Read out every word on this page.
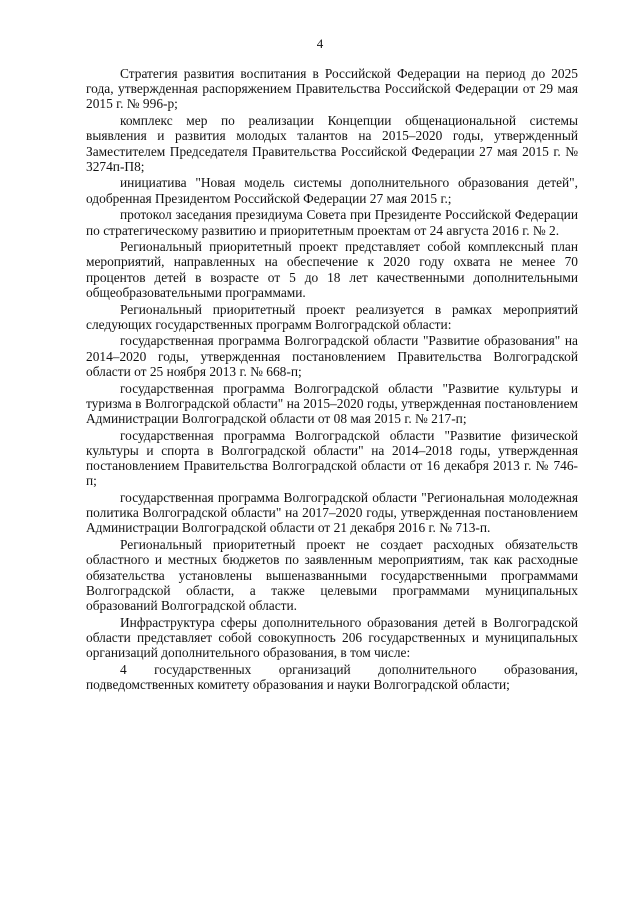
4

Стратегия развития воспитания в Российской Федерации на период до 2025 года, утвержденная распоряжением Правительства Российской Федерации от 29 мая 2015 г. № 996-р;

комплекс мер по реализации Концепции общенациональной системы выявления и развития молодых талантов на 2015–2020 годы, утвержденный Заместителем Председателя Правительства Российской Федерации 27 мая 2015 г. № 3274п-П8;

инициатива "Новая модель системы дополнительного образования детей", одобренная Президентом Российской Федерации 27 мая 2015 г.;

протокол заседания президиума Совета при Президенте Российской Федерации по стратегическому развитию и приоритетным проектам от 24 августа 2016 г. № 2.

Региональный приоритетный проект представляет собой комплексный план мероприятий, направленных на обеспечение к 2020 году охвата не менее 70 процентов детей в возрасте от 5 до 18 лет качественными дополнительными общеобразовательными программами.

Региональный приоритетный проект реализуется в рамках мероприятий следующих государственных программ Волгоградской области:

государственная программа Волгоградской области "Развитие образования" на 2014–2020 годы, утвержденная постановлением Правительства Волгоградской области от 25 ноября 2013 г. № 668-п;

государственная программа Волгоградской области "Развитие культуры и туризма в Волгоградской области" на 2015–2020 годы, утвержденная постановлением Администрации Волгоградской области от 08 мая 2015 г. № 217-п;

государственная программа Волгоградской области "Развитие физической культуры и спорта в Волгоградской области" на 2014–2018 годы, утвержденная постановлением Правительства Волгоградской области от 16 декабря 2013 г. № 746-п;

государственная программа Волгоградской области "Региональная молодежная политика Волгоградской области" на 2017–2020 годы, утвержденная постановлением Администрации Волгоградской области от 21 декабря 2016 г. № 713-п.

Региональный приоритетный проект не создает расходных обязательств областного и местных бюджетов по заявленным мероприятиям, так как расходные обязательства установлены вышеназванными государственными программами Волгоградской области, а также целевыми программами муниципальных образований Волгоградской области.

Инфраструктура сферы дополнительного образования детей в Волгоградской области представляет собой совокупность 206 государственных и муниципальных организаций дополнительного образования, в том числе:

4 государственных организаций дополнительного образования, подведомственных комитету образования и науки Волгоградской области;
